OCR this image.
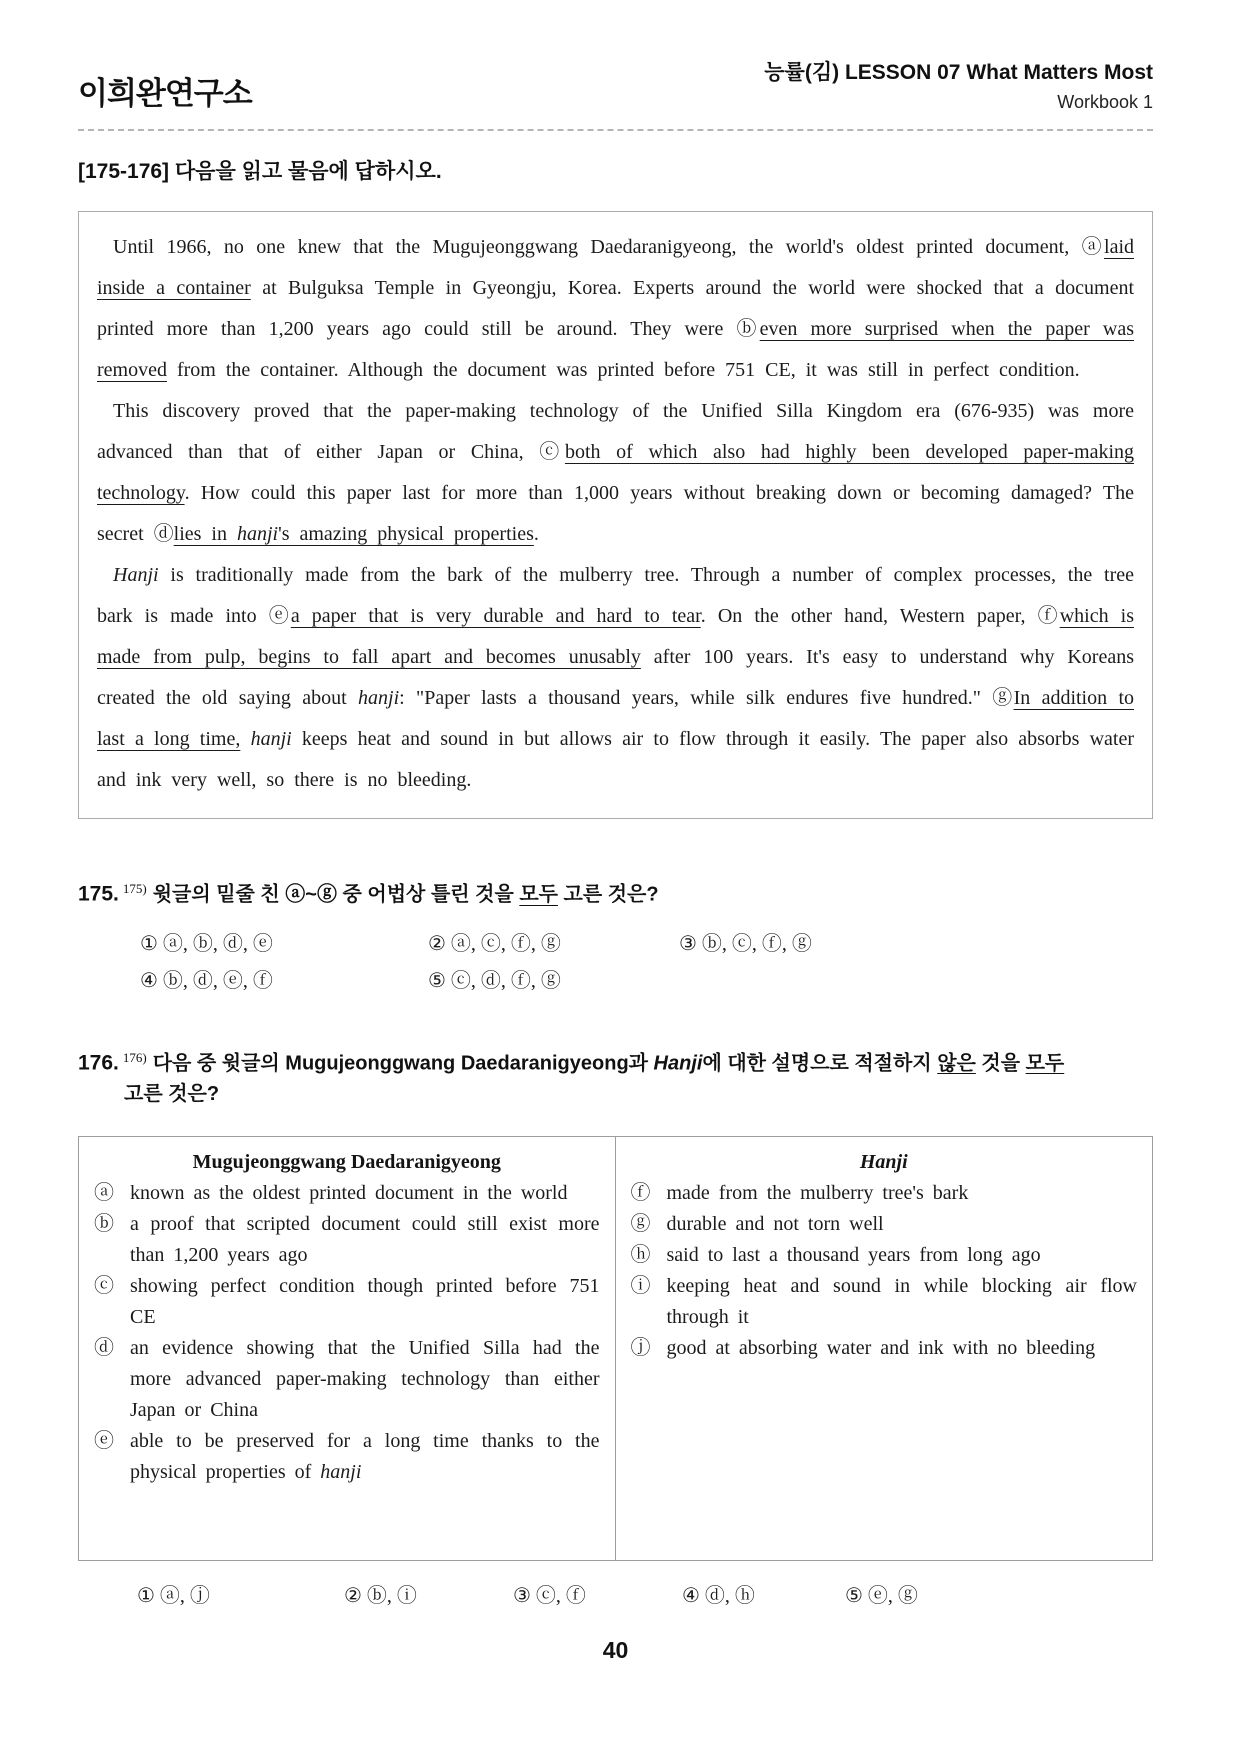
이희완연구소
능률(김) LESSON 07 What Matters Most
Workbook 1
[175-176] 다음을 읽고 물음에 답하시오.

Until 1966, no one knew that the Mugujeonggwang Daedaranigyeong, the world's oldest printed document, ⓐlaid inside a container at Bulguksa Temple in Gyeongju, Korea. Experts around the world were shocked that a document printed more than 1,200 years ago could still be around. They were ⓑeven more surprised when the paper was removed from the container. Although the document was printed before 751 CE, it was still in perfect condition.

This discovery proved that the paper-making technology of the Unified Silla Kingdom era (676-935) was more advanced than that of either Japan or China, ⓒboth of which also had highly been developed paper-making technology. How could this paper last for more than 1,000 years without breaking down or becoming damaged? The secret ⓓlies in hanji's amazing physical properties.

Hanji is traditionally made from the bark of the mulberry tree. Through a number of complex processes, the tree bark is made into ⓔa paper that is very durable and hard to tear. On the other hand, Western paper, ⓕwhich is made from pulp, begins to fall apart and becomes unusably after 100 years. It's easy to understand why Koreans created the old saying about hanji: "Paper lasts a thousand years, while silk endures five hundred." ⓖIn addition to last a long time, hanji keeps heat and sound in but allows air to flow through it easily. The paper also absorbs water and ink very well, so there is no bleeding.

175. $^{175)}$ 윗글의 밑줄 친 ⓐ~ⓖ 중 어법상 틀린 것을 모두 고른 것은?
① ⓐ, ⓑ, ⓓ, ⓔ	② ⓐ, ⓒ, ⓕ, ⓖ	③ ⓑ, ⓒ, ⓕ, ⓖ
④ ⓑ, ⓓ, ⓔ, ⓕ	⑤ ⓒ, ⓓ, ⓕ, ⓖ
176. $^{176)}$ 다음 중 윗글의 Mugujeonggwang Daedaranigyeong과 Hanji에 대한 설명으로 적절하지 않은 것을 모두 고른 것은?
Mugujeonggwang Daedaranigyeong
ⓐ known as the oldest printed document in the world
ⓑ a proof that scripted document could still exist more than 1,200 years ago
ⓒ showing perfect condition though printed before 751 CE
ⓓ an evidence showing that the Unified Silla had the more advanced paper-making technology than either Japan or China
ⓔ able to be preserved for a long time thanks to the physical properties of hanji
Hanji
ⓕ made from the mulberry tree's bark
ⓖ durable and not torn well
ⓗ said to last a thousand years from long ago
ⓘ keeping heat and sound in while blocking air flow through it
ⓙ good at absorbing water and ink with no bleeding
① ⓐ, ⓙ	② ⓑ, ⓘ	③ ⓒ, ⓕ	④ ⓓ, ⓗ	⑤ ⓔ, ⓖ
40
